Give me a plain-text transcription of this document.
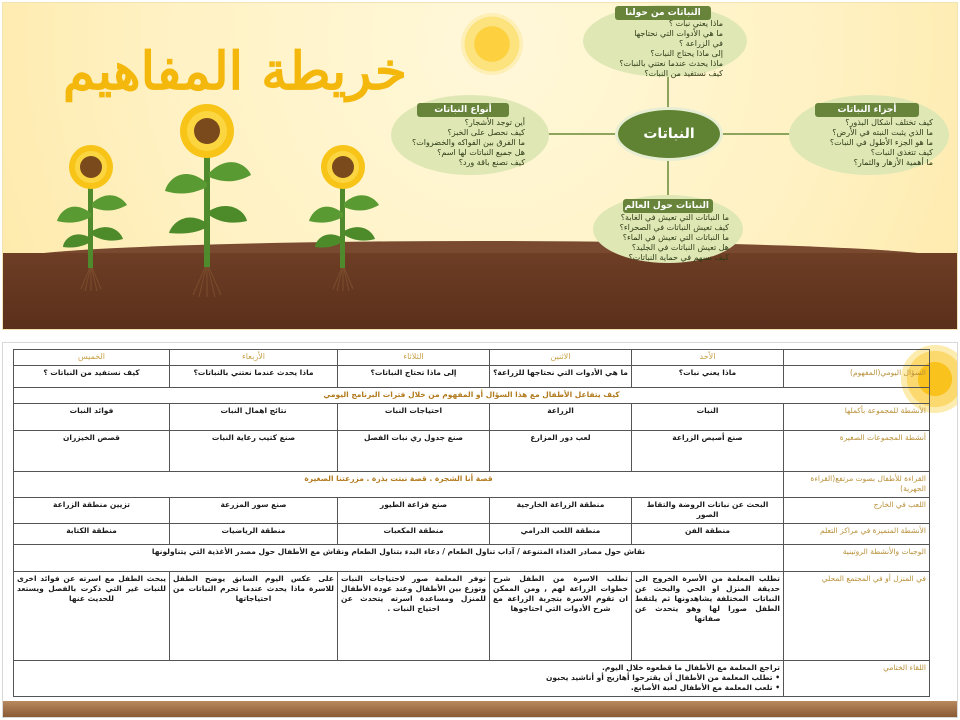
خريطة المفاهيم
النباتات
النباتات من حولنا
ماذا يعني نبات ؟
ما هي الأدوات التي نحتاجها
في الزراعة ؟
إلى ماذا يحتاج النبات؟
ماذا يحدث عندما نعتني بالنبات؟
كيف نستفيد من النبات؟
أنواع النباتات
أين توجد الأشجار؟
كيف نحصل على الخبز؟
ما الفرق بين الفواكه والخضروات؟
هل جميع النباتات لها اسم؟
كيف نصنع باقة ورد؟
أجزاء النباتات
كيف تختلف أشكال البذور؟
ما الذي يثبت النبته في الأرض؟
ما هو الجزء الأطول في النبات؟
كيف تتغذى النبات؟
ما أهمية الأزهار والثمار؟
النباتات حول العالم
ما النباتات التي تعيش في الغابة؟
كيف تعيش النباتات في الصحراء؟
ما النباتات التي تعيش في الماء؟
هل تعيش النباتات في الجليد؟
كيف نسهم في حماية النباتات؟
	الأحد	الاثنين	الثلاثاء	الأربعاء	الخميس
السؤال اليومي(المفهوم)	ماذا يعني نبات؟	ما هي الأدوات التي نحتاجها للزراعة؟	إلى ماذا تحتاج النباتات؟	ماذا يحدث عندما نعتني بالنباتات؟	كيف نستفيد من النباتات ؟
كيف يتفاعل الأطفال مع هذا السؤال أو المفهوم من خلال فترات البرنامج اليومي					
الأنشطة للمجموعة بأكملها	النبات	الزراعة	احتياجات النبات	نتائج اهمال النبات	فوائد النبات
أنشطة المجموعات الصغيرة	صنع أصيص الزراعة	لعب دور المزارع	صنع جدول ري نبات الفصل	صنع كتيب رعاية النبات	قصص الخيزران
القراءة للأطفال بصوت مرتفع(القراءة الجهرية)	قصة أنا الشجرة . قصة نبتت بذرة . مزرعتنا الصغيرة				
اللعب في الخارج	البحث عن نباتات الروضة والتقاط الصور	منطقة الزراعة الخارجية	صنع فزاعة الطيور	صنع سور المزرعة	تزيين منطقة الزراعة
الأنشطة المتميزة في مراكز التعلم	منطقة الفن	منطقة اللعب الدرامي	منطقة المكعبات	منطقة الرياضيات	منطقة الكتابة
الوجبات والأنشطة الروتينية	نقاش حول مصادر الغذاء المتنوعة / آداب تناول الطعام / دعاء البدء بتناول الطعام ونقاش مع الأطفال حول مصدر الأغذية التي يتناولونها				
في المنزل أو في المجتمع المحلي	تطلب المعلمة من الأسرة الخروج الى حديقة المنزل او الحي والبحث عن النباتات المختلفة يشاهدونها ثم يلتقط الطفل صورا لها وهو يتحدث عن صفاتها	تطلب الاسرة من الطفل شرح خطوات الزراعة لهم , ومن الممكن ان تقوم الاسرة بتجربة الزراعة مع شرح الأدوات التي احتاجوها	توفر المعلمة صور لاحتياجات النبات وتوزع بين الأطفال وعند عودة الأطفال للمنزل ومساعدة اسرته يتحدث عن احتياج النبات .	على عكس اليوم السابق يوضح الطفل للاسرة ماذا يحدث عندما تحرم النباتات من احتياجاتها	يبحث الطفل مع اسرته عن فوائد اخرى للنبات غير التي ذكرت بالفصل ويستعد للحديث عنها
اللقاء الختامي	تراجع المعلمة مع الأطفال ما قطعوه خلال اليوم.
• تطلب المعلمة من الأطفال أن يقترحوا أهازيج أو أناشيد يحبون
• تلعب المعلمة مع الأطفال لعبة الأصابع.				
